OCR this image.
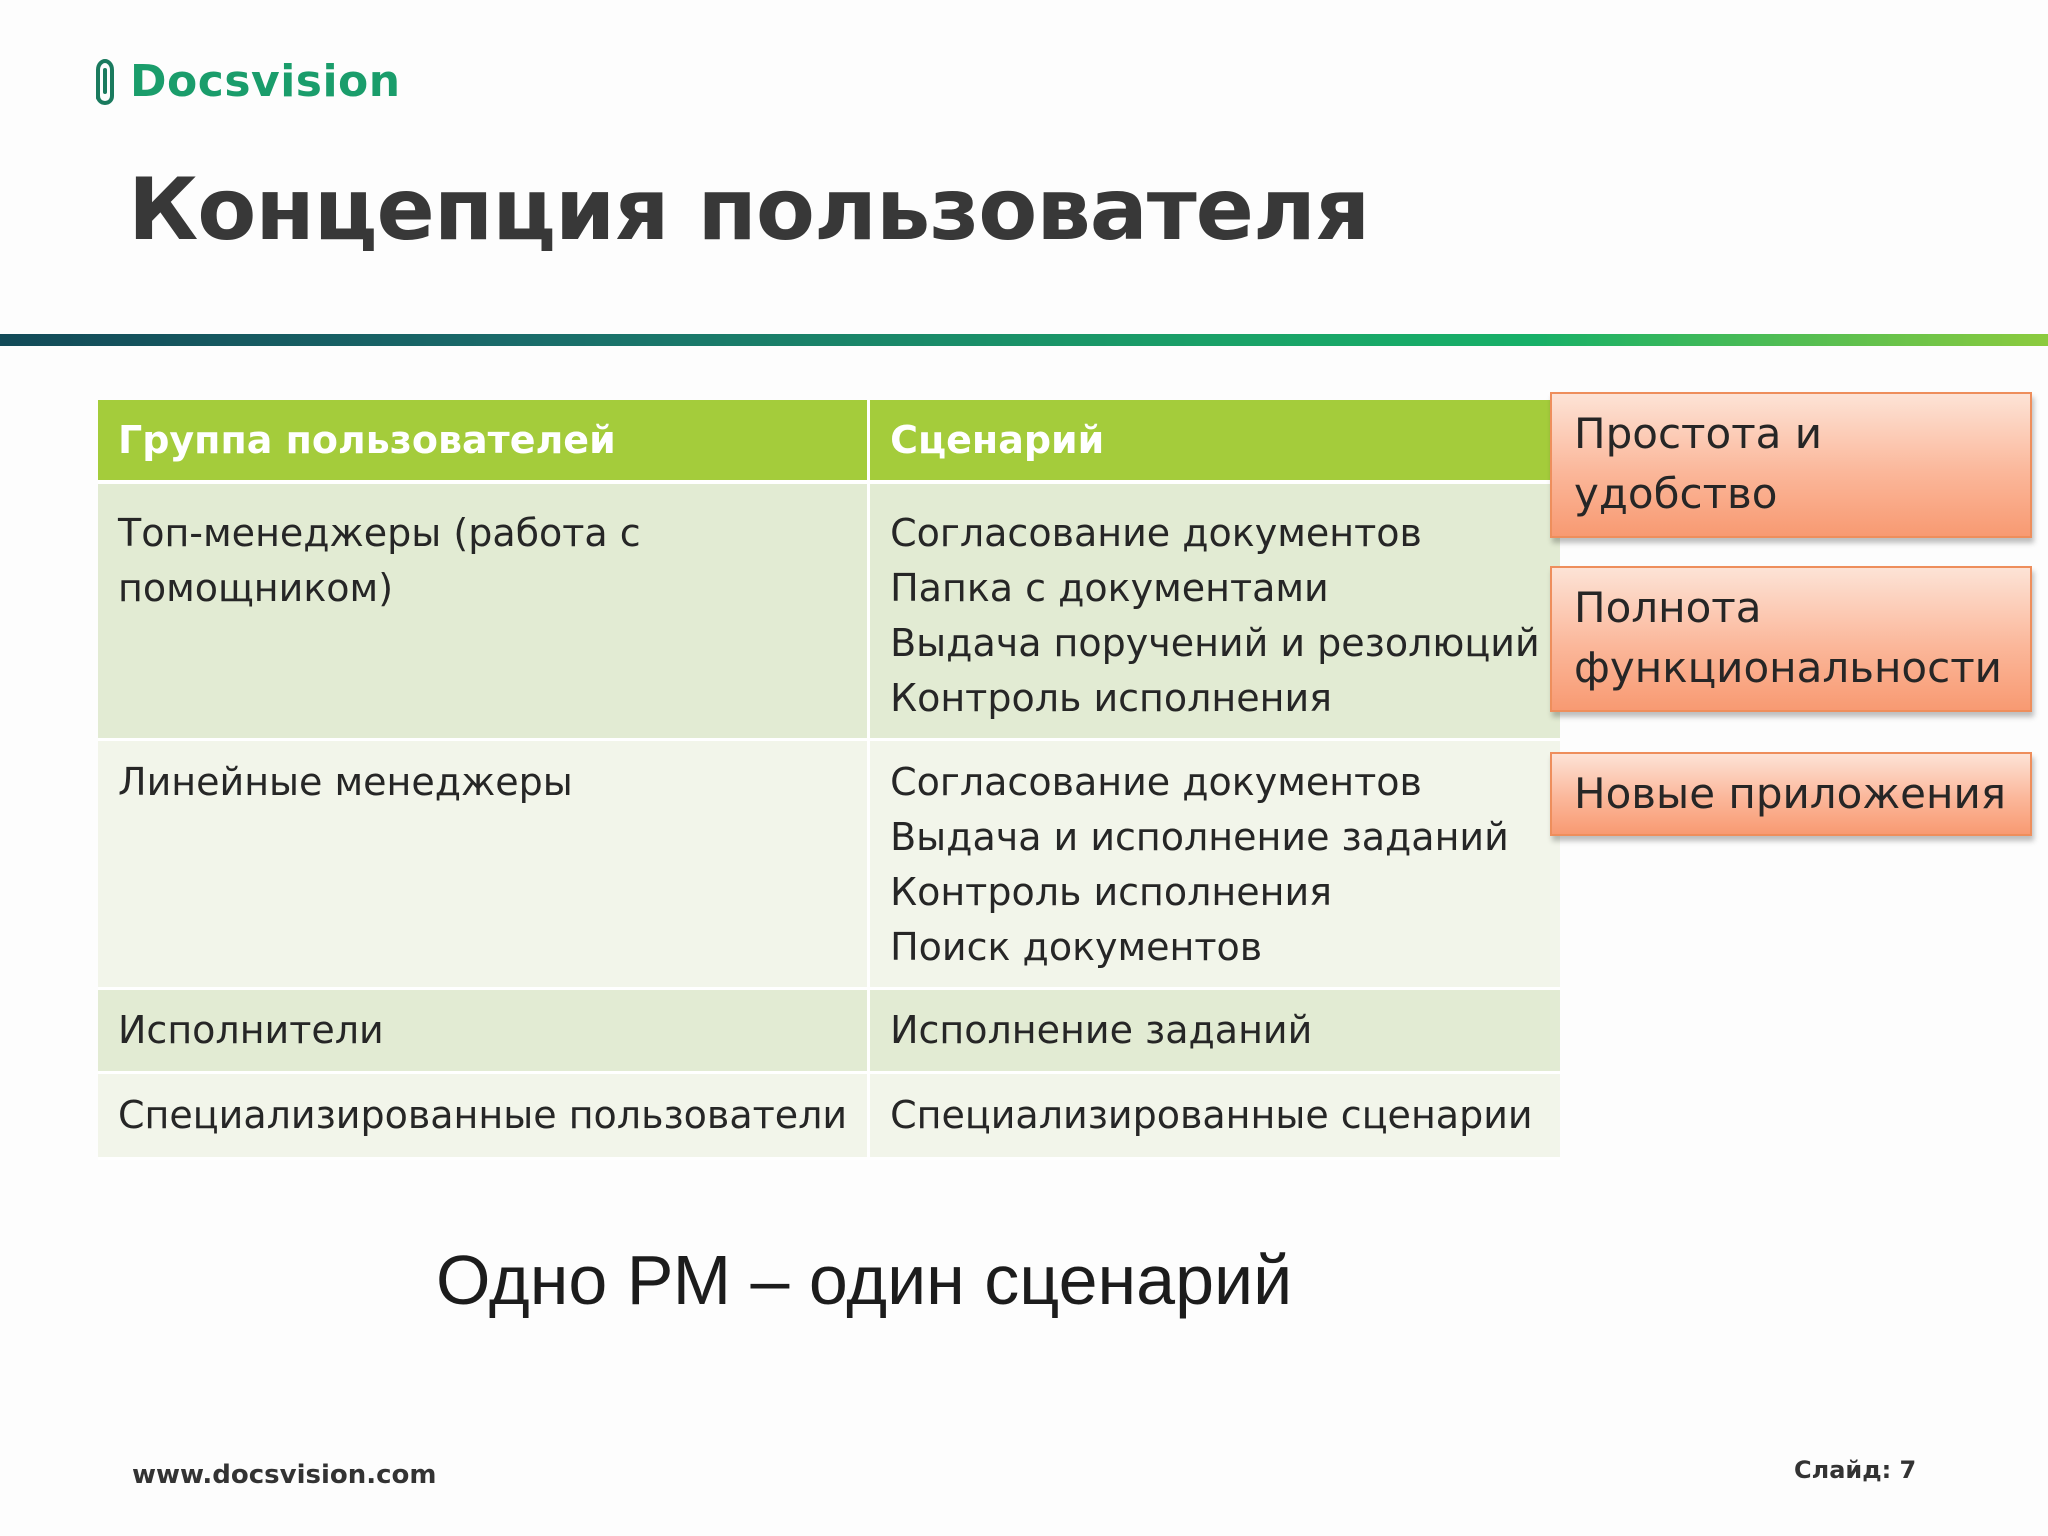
Docsvision
Концепция пользователя
Группа пользователей	Сценарий

Топ-менеджеры (работа с
помощником)	Согласование документов
Папка с документами
Выдача поручений и резолюций
Контроль исполнения

Линейные менеджеры	Согласование документов
Выдача и исполнение заданий
Контроль исполнения
Поиск документов

Исполнители	Исполнение заданий

Специализированные пользователи	Специализированные сценарии
Простота и
удобство
Полнота
функциональности
Новые приложения
Одно РМ – один сценарий
www.docsvision.com	Слайд: 7
